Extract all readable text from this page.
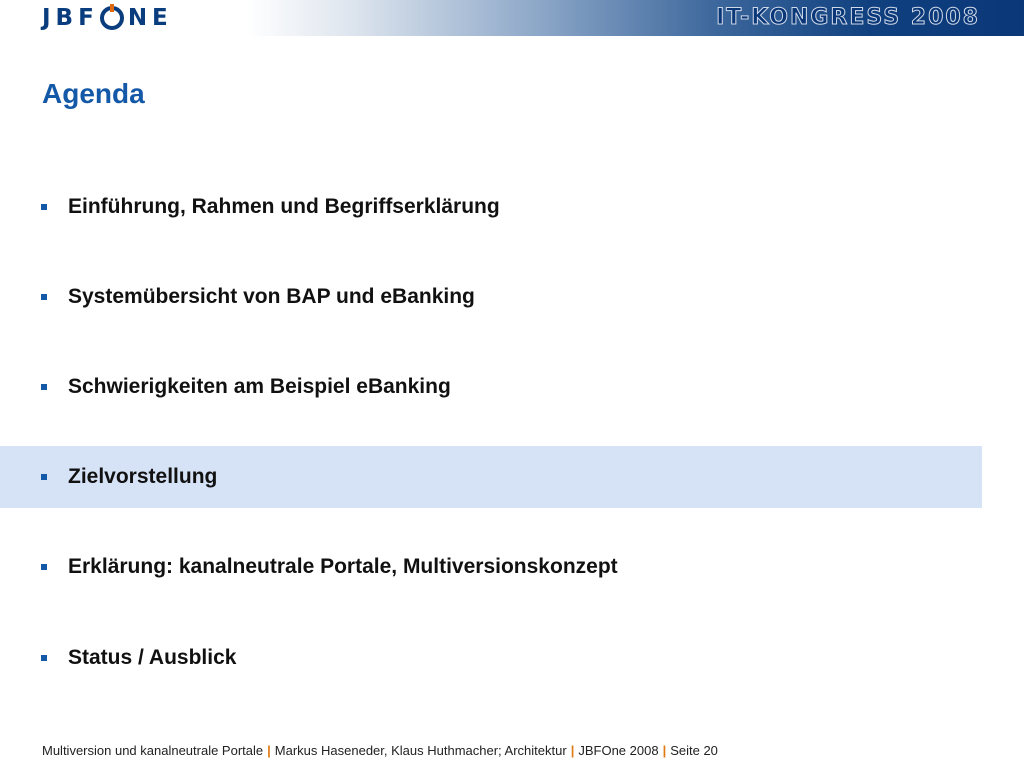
JBF NE	IT-KONGRESS 2008
Agenda
Einführung, Rahmen und Begriffserklärung
Systemübersicht von BAP und eBanking
Schwierigkeiten am Beispiel eBanking
Zielvorstellung
Erklärung: kanalneutrale Portale, Multiversionskonzept
Status / Ausblick
Multiversion und kanalneutrale Portale | Markus Haseneder, Klaus Huthmacher; Architektur | JBFOne 2008 | Seite 20
